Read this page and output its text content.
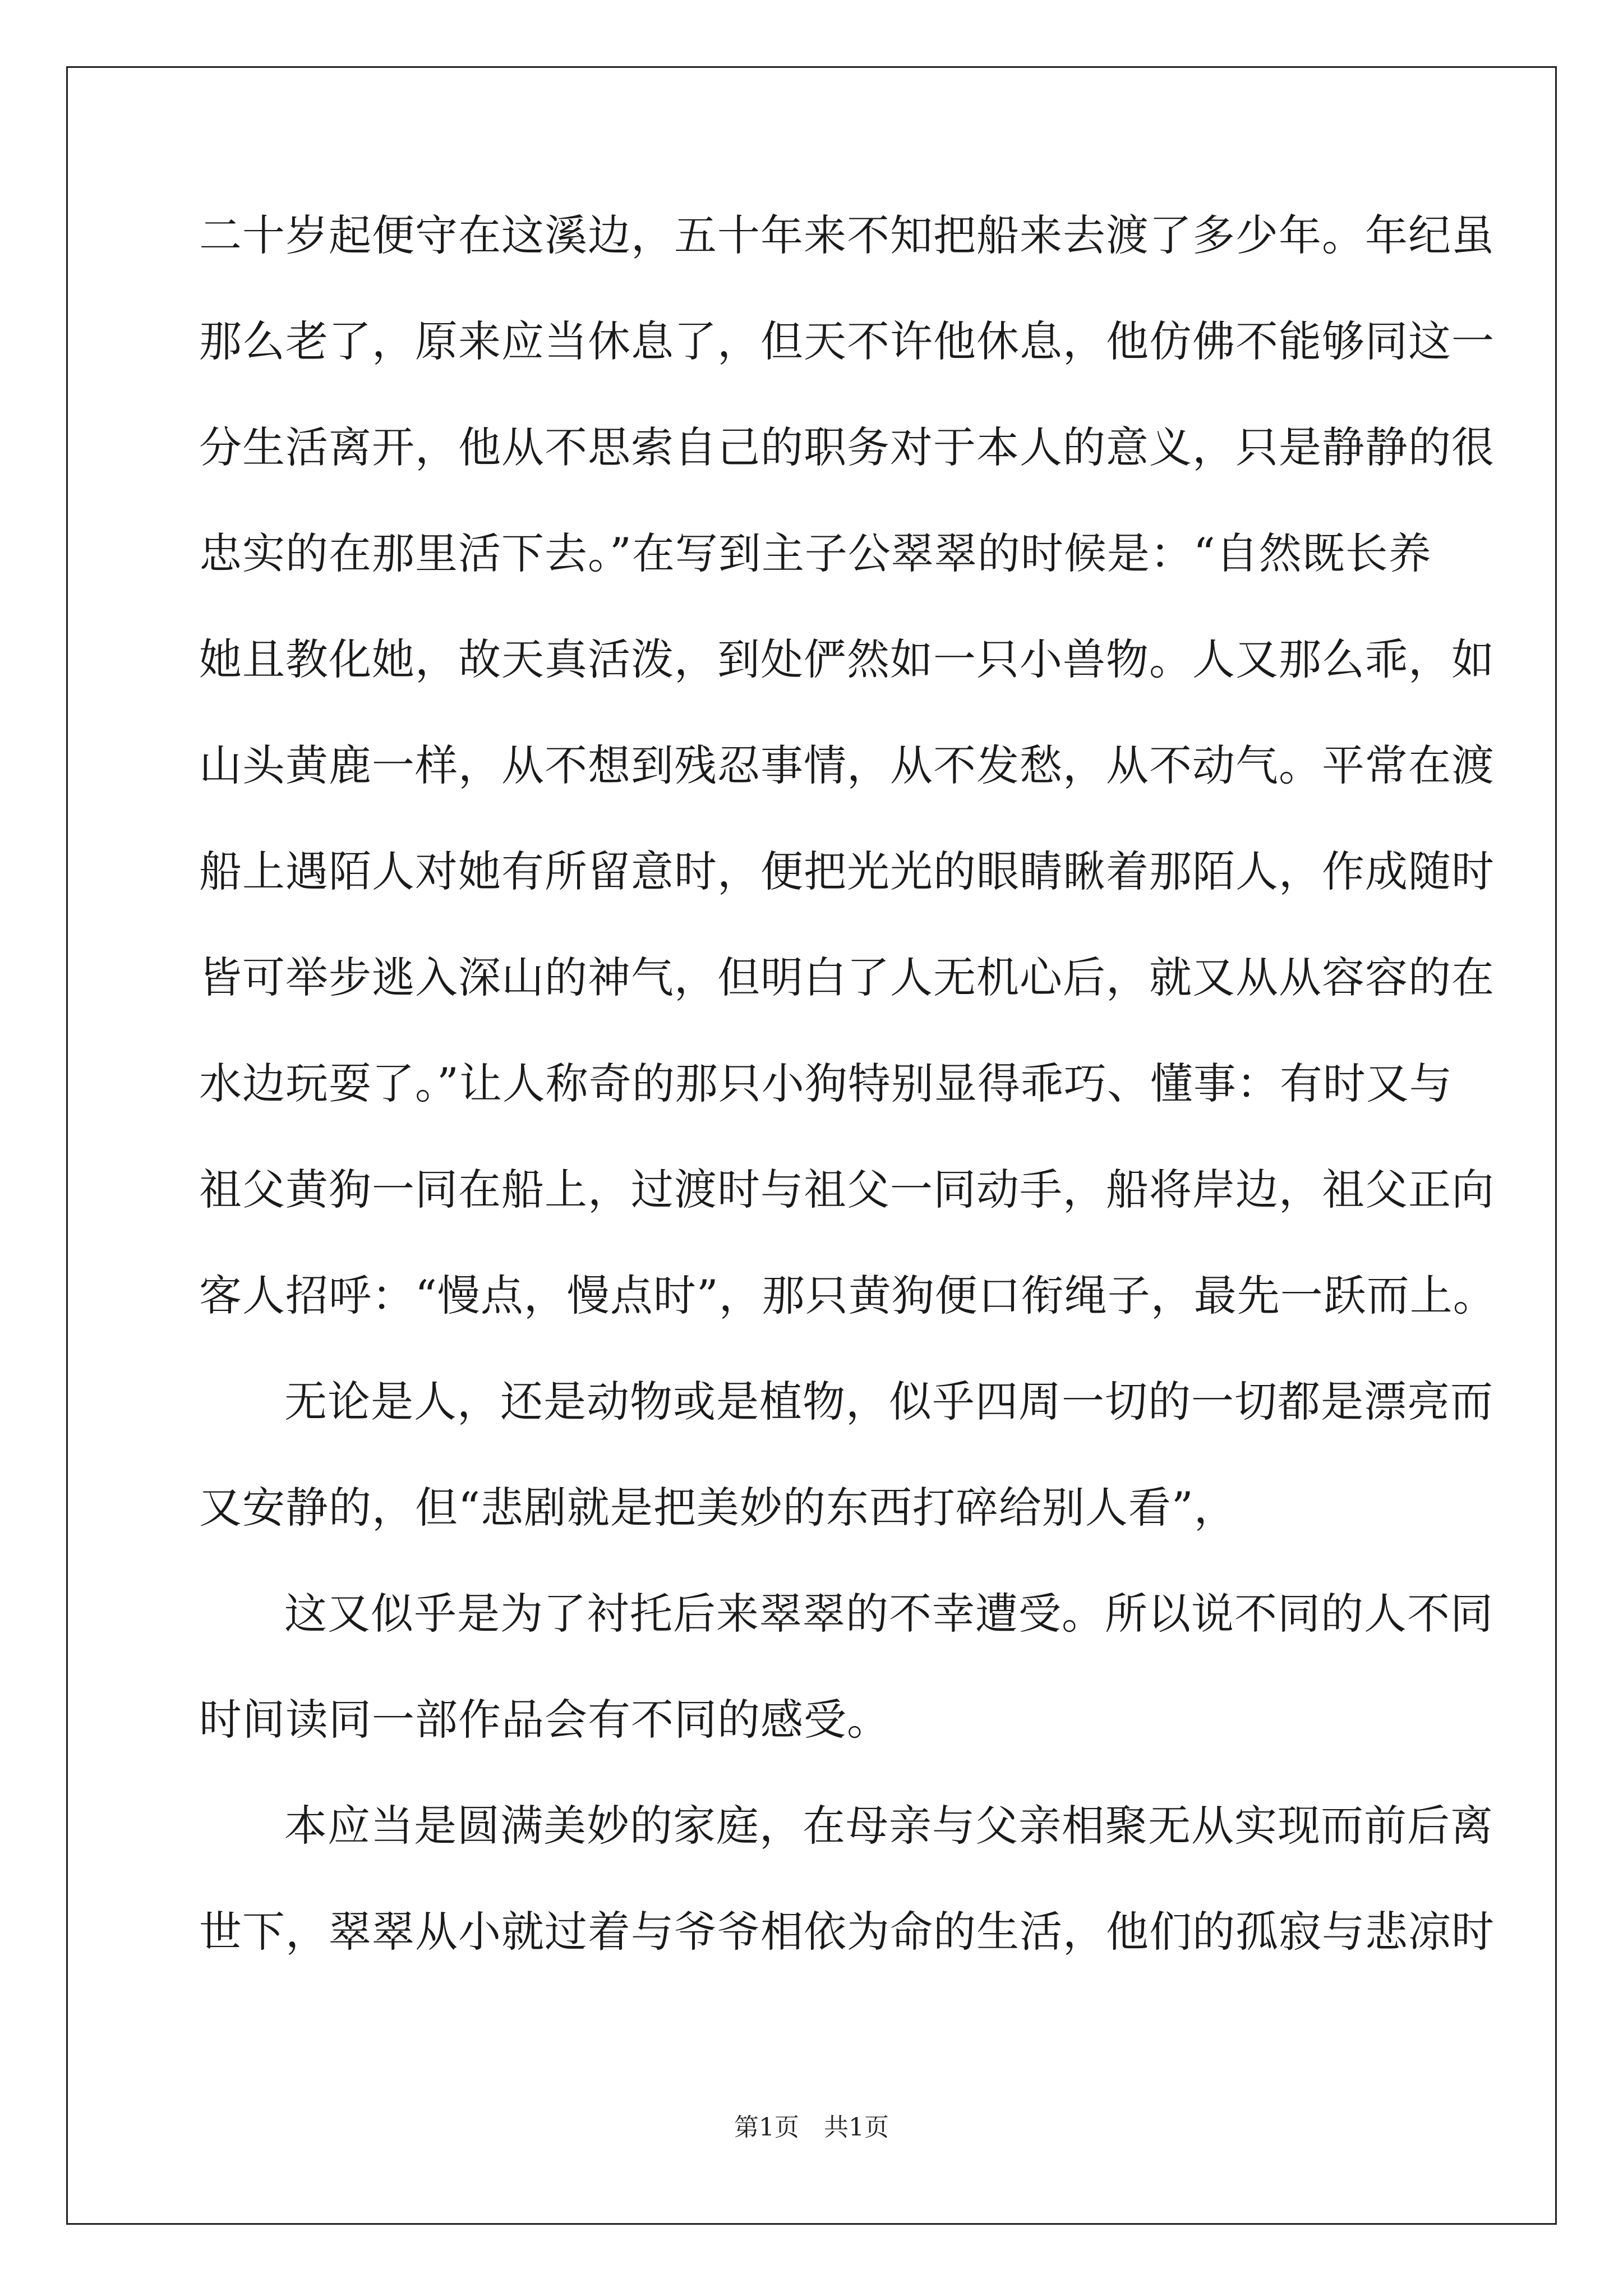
二十岁起便守在这溪边，五十年来不知把船来去渡了多少年。年纪虽
那么老了，原来应当休息了，但天不许他休息，他仿佛不能够同这一
分生活离开，他从不思索自己的职务对于本人的意义，只是静静的很
忠实的在那里活下去。”在写到主子公翠翠的时候是：“自然既长养
她且教化她，故天真活泼，到处俨然如一只小兽物。人又那么乖，如
山头黄鹿一样，从不想到残忍事情，从不发愁，从不动气。平常在渡
船上遇陌人对她有所留意时，便把光光的眼睛瞅着那陌人，作成随时
皆可举步逃入深山的神气，但明白了人无机心后，就又从从容容的在
水边玩耍了。”让人称奇的那只小狗特别显得乖巧、懂事：有时又与
祖父黄狗一同在船上，过渡时与祖父一同动手，船将岸边，祖父正向
客人招呼：“慢点，慢点时”，那只黄狗便口衔绳子，最先一跃而上。
无论是人，还是动物或是植物，似乎四周一切的一切都是漂亮而
又安静的，但“悲剧就是把美妙的东西打碎给别人看”，
这又似乎是为了衬托后来翠翠的不幸遭受。所以说不同的人不同
时间读同一部作品会有不同的感受。
本应当是圆满美妙的家庭，在母亲与父亲相聚无从实现而前后离
世下，翠翠从小就过着与爷爷相依为命的生活，他们的孤寂与悲凉时
第1页　共1页
